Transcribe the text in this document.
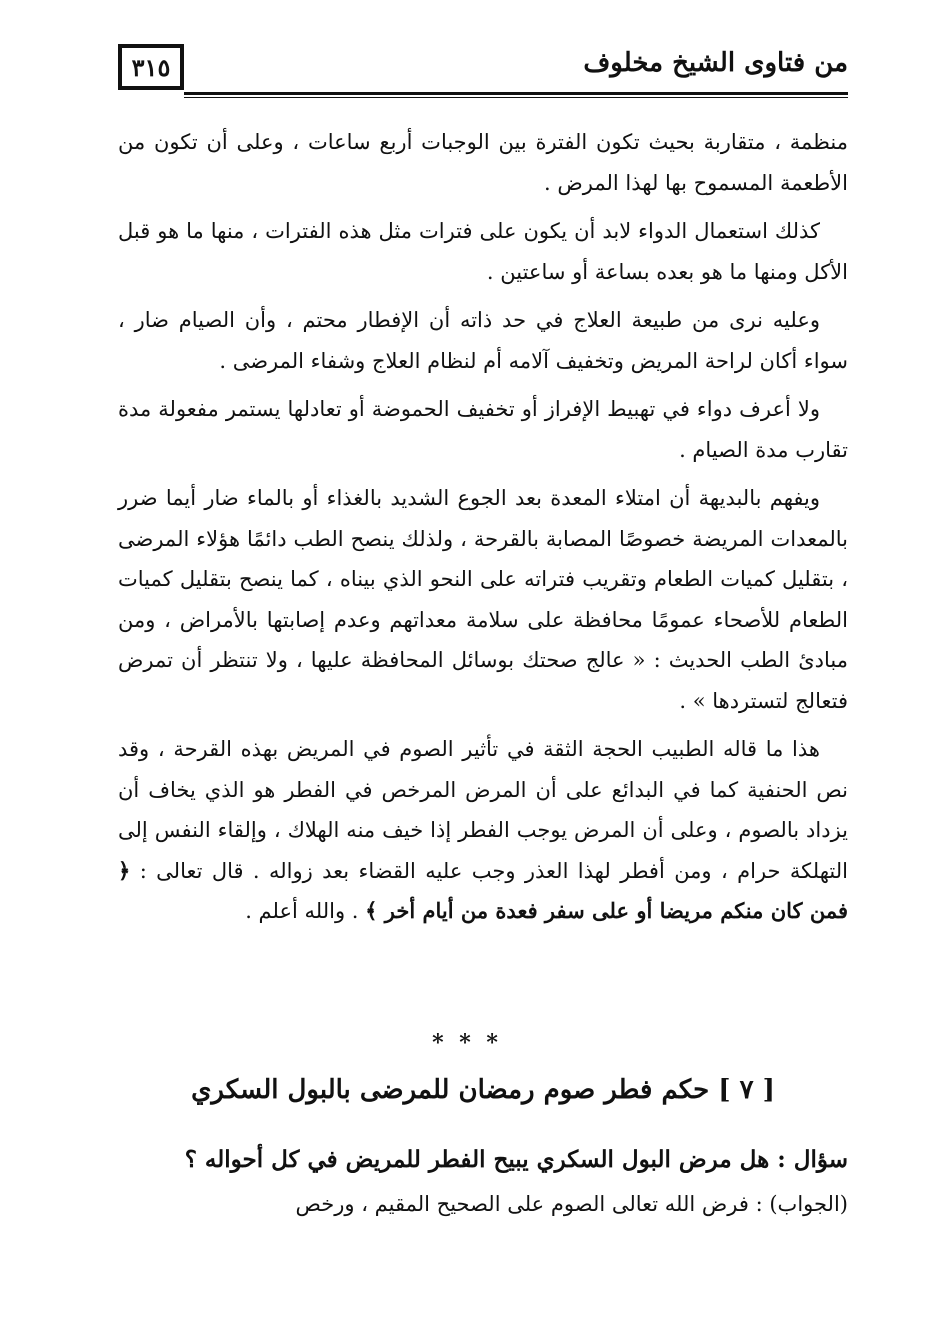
من فتاوى الشيخ مخلوف
٣١٥

منظمة ، متقاربة بحيث تكون الفترة بين الوجبات أربع ساعات ، وعلى أن تكون من الأطعمة المسموح بها لهذا المرض .

كذلك استعمال الدواء لابد أن يكون على فترات مثل هذه الفترات ، منها ما هو قبل الأكل ومنها ما هو بعده بساعة أو ساعتين .

وعليه نرى من طبيعة العلاج في حد ذاته أن الإفطار محتم ، وأن الصيام ضار ، سواء أكان لراحة المريض وتخفيف آلامه أم لنظام العلاج وشفاء المرضى .

ولا أعرف دواء في تهبيط الإفراز أو تخفيف الحموضة أو تعادلها يستمر مفعولة مدة تقارب مدة الصيام .

ويفهم بالبديهة أن امتلاء المعدة بعد الجوع الشديد بالغذاء أو بالماء ضار أيما ضرر بالمعدات المريضة خصوصًا المصابة بالقرحة ، ولذلك ينصح الطب دائمًا هؤلاء المرضى ، بتقليل كميات الطعام وتقريب فتراته على النحو الذي بيناه ، كما ينصح بتقليل كميات الطعام للأصحاء عمومًا محافظة على سلامة معداتهم وعدم إصابتها بالأمراض ، ومن مبادئ الطب الحديث : « عالج صحتك بوسائل المحافظة عليها ، ولا تنتظر أن تمرض فتعالج لتستردها » .

هذا ما قاله الطبيب الحجة الثقة في تأثير الصوم في المريض بهذه القرحة ، وقد نص الحنفية كما في البدائع على أن المرض المرخص في الفطر هو الذي يخاف أن يزداد بالصوم ، وعلى أن المرض يوجب الفطر إذا خيف منه الهلاك ، وإلقاء النفس إلى التهلكة حرام ، ومن أفطر لهذا العذر وجب عليه القضاء بعد زواله . قال تعالى : ﴿ فمن كان منكم مريضا أو على سفر فعدة من أيام أخر ﴾ . والله أعلم .

* * *
[ ٧ ] حكم فطر صوم رمضان للمرضى بالبول السكري

سؤال : هل مرض البول السكري يبيح الفطر للمريض في كل أحواله ؟

(الجواب) : فرض الله تعالى الصوم على الصحيح المقيم ، ورخص
